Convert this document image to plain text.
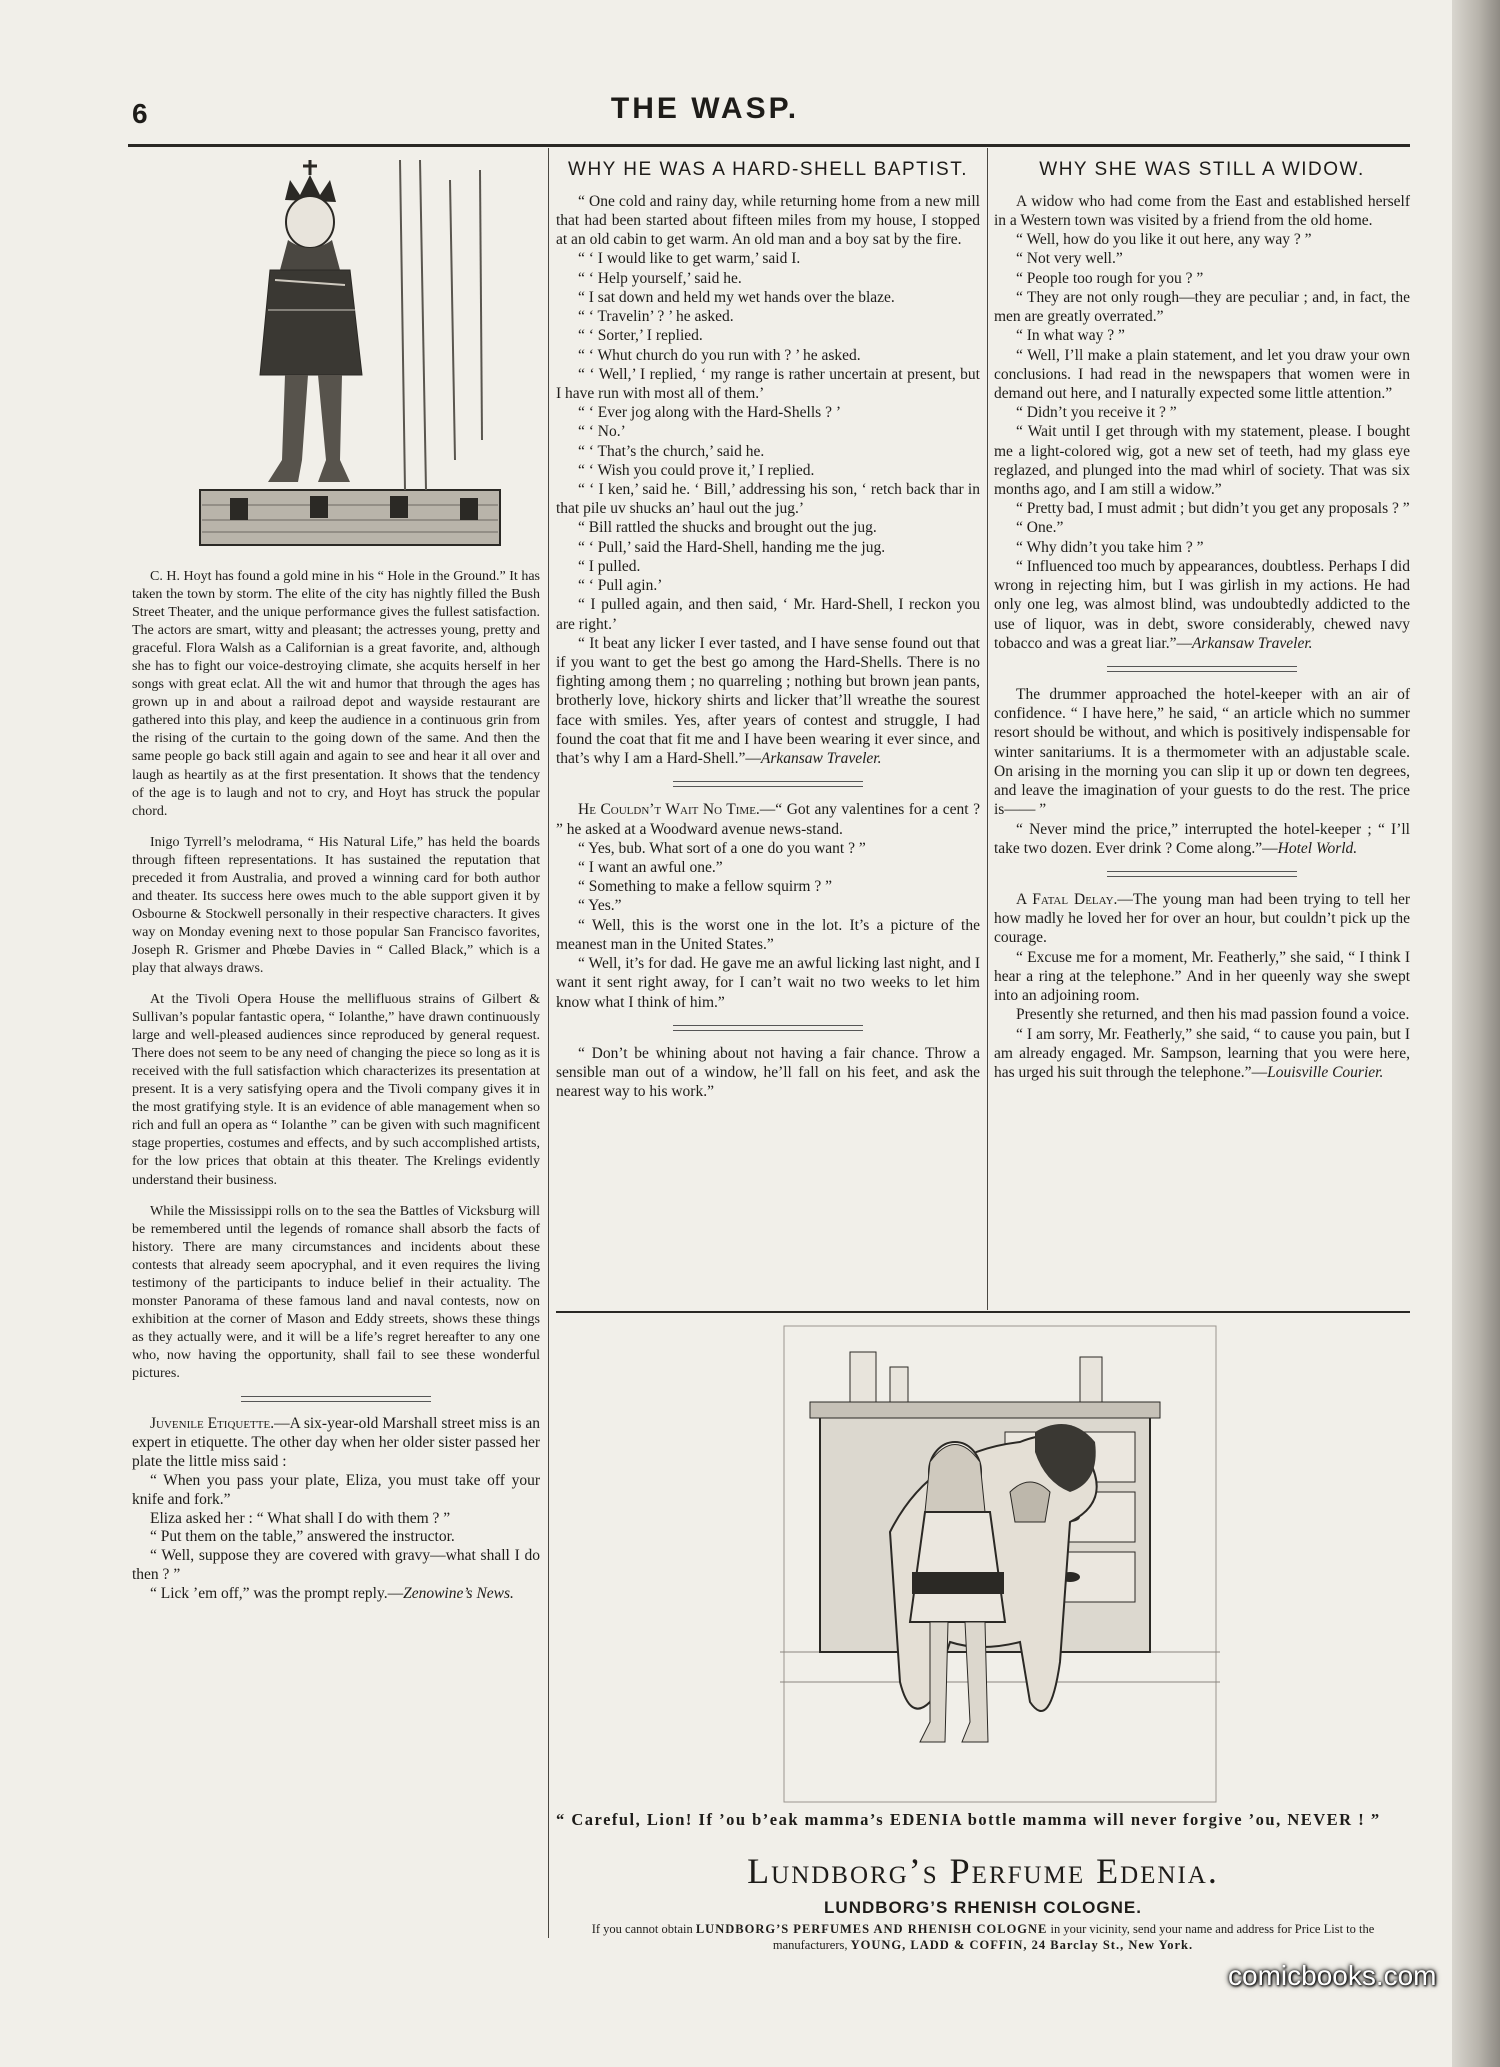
6	THE WASP.

C. H. Hoyt has found a gold mine in his “ Hole in the Ground.” It has taken the town by storm. The elite of the city has nightly filled the Bush Street Theater, and the unique performance gives the fullest satisfaction. The actors are smart, witty and pleasant; the actresses young, pretty and graceful. Flora Walsh as a Californian is a great favorite, and, although she has to fight our voice-destroying climate, she acquits herself in her songs with great eclat. All the wit and humor that through the ages has grown up in and about a railroad depot and wayside restaurant are gathered into this play, and keep the audience in a continuous grin from the rising of the curtain to the going down of the same. And then the same people go back still again and again to see and hear it all over and laugh as heartily as at the first presentation. It shows that the tendency of the age is to laugh and not to cry, and Hoyt has struck the popular chord.

Inigo Tyrrell’s melodrama, “ His Natural Life,” has held the boards through fifteen representations. It has sustained the reputation that preceded it from Australia, and proved a winning card for both author and theater. Its success here owes much to the able support given it by Osbourne & Stockwell personally in their respective characters. It gives way on Monday evening next to those popular San Francisco favorites, Joseph R. Grismer and Phœbe Davies in “ Called Black,” which is a play that always draws.

At the Tivoli Opera House the mellifluous strains of Gilbert & Sullivan’s popular fantastic opera, “ Iolanthe,” have drawn continuously large and well-pleased audiences since reproduced by general request. There does not seem to be any need of changing the piece so long as it is received with the full satisfaction which characterizes its presentation at present. It is a very satisfying opera and the Tivoli company gives it in the most gratifying style. It is an evidence of able management when so rich and full an opera as “ Iolanthe ” can be given with such magnificent stage properties, costumes and effects, and by such accomplished artists, for the low prices that obtain at this theater. The Krelings evidently understand their business.

While the Mississippi rolls on to the sea the Battles of Vicksburg will be remembered until the legends of romance shall absorb the facts of history. There are many circumstances and incidents about these contests that already seem apocryphal, and it even requires the living testimony of the participants to induce belief in their actuality. The monster Panorama of these famous land and naval contests, now on exhibition at the corner of Mason and Eddy streets, shows these things as they actually were, and it will be a life’s regret hereafter to any one who, now having the opportunity, shall fail to see these wonderful pictures.

Juvenile Etiquette.—A six-year-old Marshall street miss is an expert in etiquette. The other day when her older sister passed her plate the little miss said :

“ When you pass your plate, Eliza, you must take off your knife and fork.”

Eliza asked her : “ What shall I do with them ? ”

“ Put them on the table,” answered the instructor.

“ Well, suppose they are covered with gravy—what shall I do then ? ”

“ Lick ’em off,” was the prompt reply.—Zenowine’s News.

WHY HE WAS A HARD-SHELL BAPTIST.

“ One cold and rainy day, while returning home from a new mill that had been started about fifteen miles from my house, I stopped at an old cabin to get warm. An old man and a boy sat by the fire.

“ ‘ I would like to get warm,’ said I.

“ ‘ Help yourself,’ said he.

“ I sat down and held my wet hands over the blaze.

“ ‘ Travelin’ ? ’ he asked.

“ ‘ Sorter,’ I replied.

“ ‘ Whut church do you run with ? ’ he asked.

“ ‘ Well,’ I replied, ‘ my range is rather uncertain at present, but I have run with most all of them.’

“ ‘ Ever jog along with the Hard-Shells ? ’

“ ‘ No.’

“ ‘ That’s the church,’ said he.

“ ‘ Wish you could prove it,’ I replied.

“ ‘ I ken,’ said he. ‘ Bill,’ addressing his son, ‘ retch back thar in that pile uv shucks an’ haul out the jug.’

“ Bill rattled the shucks and brought out the jug.

“ ‘ Pull,’ said the Hard-Shell, handing me the jug.

“ I pulled.

“ ‘ Pull agin.’

“ I pulled again, and then said, ‘ Mr. Hard-Shell, I reckon you are right.’

“ It beat any licker I ever tasted, and I have sense found out that if you want to get the best go among the Hard-Shells. There is no fighting among them ; no quarreling ; nothing but brown jean pants, brotherly love, hickory shirts and licker that’ll wreathe the sourest face with smiles. Yes, after years of contest and struggle, I had found the coat that fit me and I have been wearing it ever since, and that’s why I am a Hard-Shell.”—Arkansaw Traveler.

He Couldn’t Wait No Time.—“ Got any valentines for a cent ? ” he asked at a Woodward avenue news-stand.

“ Yes, bub. What sort of a one do you want ? ”

“ I want an awful one.”

“ Something to make a fellow squirm ? ”

“ Yes.”

“ Well, this is the worst one in the lot. It’s a picture of the meanest man in the United States.”

“ Well, it’s for dad. He gave me an awful licking last night, and I want it sent right away, for I can’t wait no two weeks to let him know what I think of him.”

“ Don’t be whining about not having a fair chance. Throw a sensible man out of a window, he’ll fall on his feet, and ask the nearest way to his work.”

WHY SHE WAS STILL A WIDOW.

A widow who had come from the East and established herself in a Western town was visited by a friend from the old home.

“ Well, how do you like it out here, any way ? ”

“ Not very well.”

“ People too rough for you ? ”

“ They are not only rough—they are peculiar ; and, in fact, the men are greatly overrated.”

“ In what way ? ”

“ Well, I’ll make a plain statement, and let you draw your own conclusions. I had read in the newspapers that women were in demand out here, and I naturally expected some little attention.”

“ Didn’t you receive it ? ”

“ Wait until I get through with my statement, please. I bought me a light-colored wig, got a new set of teeth, had my glass eye reglazed, and plunged into the mad whirl of society. That was six months ago, and I am still a widow.”

“ Pretty bad, I must admit ; but didn’t you get any proposals ? ”

“ One.”

“ Why didn’t you take him ? ”

“ Influenced too much by appearances, doubtless. Perhaps I did wrong in rejecting him, but I was girlish in my actions. He had only one leg, was almost blind, was undoubtedly addicted to the use of liquor, was in debt, swore considerably, chewed navy tobacco and was a great liar.”—Arkansaw Traveler.

The drummer approached the hotel-keeper with an air of confidence. “ I have here,” he said, “ an article which no summer resort should be without, and which is positively indispensable for winter sanitariums. It is a thermometer with an adjustable scale. On arising in the morning you can slip it up or down ten degrees, and leave the imagination of your guests to do the rest. The price is—— ”

“ Never mind the price,” interrupted the hotel-keeper ; “ I’ll take two dozen. Ever drink ? Come along.”—Hotel World.

A Fatal Delay.—The young man had been trying to tell her how madly he loved her for over an hour, but couldn’t pick up the courage.

“ Excuse me for a moment, Mr. Featherly,” she said, “ I think I hear a ring at the telephone.” And in her queenly way she swept into an adjoining room.

Presently she returned, and then his mad passion found a voice.

“ I am sorry, Mr. Featherly,” she said, “ to cause you pain, but I am already engaged. Mr. Sampson, learning that you were here, has urged his suit through the telephone.”—Louisville Courier.

“ Careful, Lion! If ’ou b’eak mamma’s EDENIA bottle mamma will never forgive ’ou, NEVER ! ”
Lundborg’s Perfume Edenia.
LUNDBORG’S RHENISH COLOGNE.
If you cannot obtain LUNDBORG’S PERFUMES AND RHENISH COLOGNE in your vicinity, send your name and address for Price List to the manufacturers, YOUNG, LADD & COFFIN, 24 Barclay St., New York.
comicbooks.com
